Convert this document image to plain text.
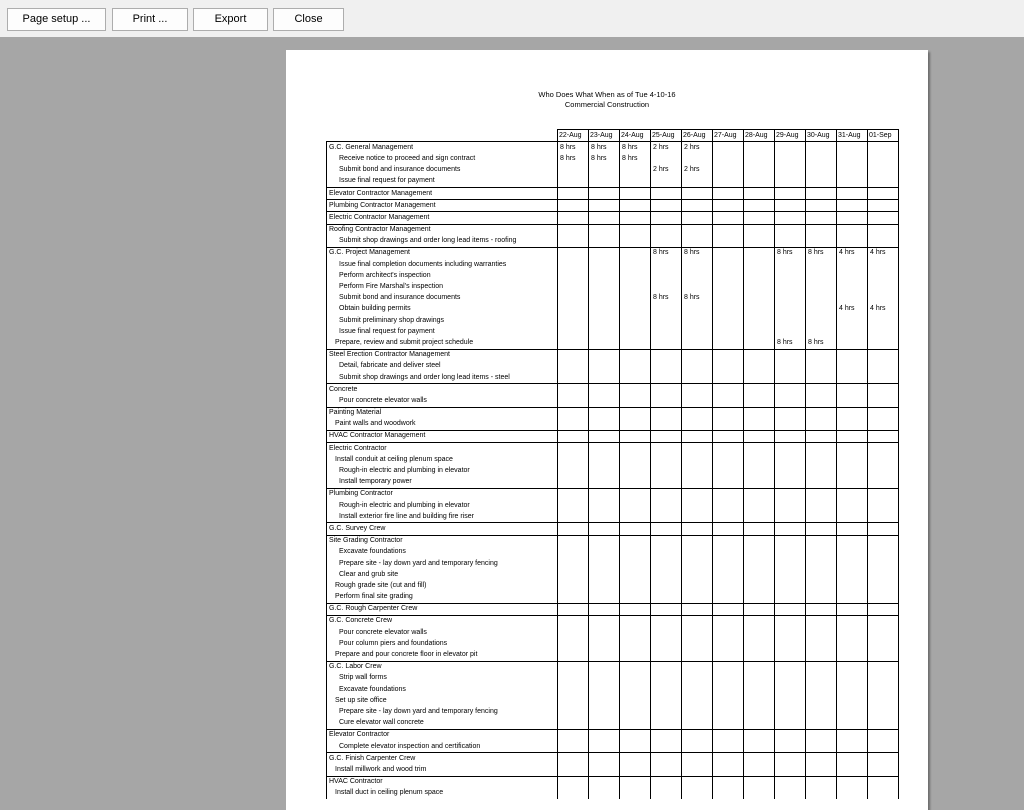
Page setup ...	Print ...	Export	Close
Who Does What When as of Tue 4-10-16
Commercial Construction
	22-Aug	23-Aug	24-Aug	25-Aug	26-Aug	27-Aug	28-Aug	29-Aug	30-Aug	31-Aug	01-Sep
G.C. General Management	8 hrs	8 hrs	8 hrs	2 hrs	2 hrs						
Receive notice to proceed and sign contract	8 hrs	8 hrs	8 hrs								
Submit bond and insurance documents				2 hrs	2 hrs						
Issue final request for payment											
Elevator Contractor Management											
Plumbing Contractor Management											
Electric Contractor Management											
Roofing Contractor Management											
Submit shop drawings and order long lead items - roofing											
G.C. Project Management				8 hrs	8 hrs			8 hrs	8 hrs	4 hrs	4 hrs
Issue final completion documents including warranties											
Perform architect's inspection											
Perform Fire Marshal's inspection											
Submit bond and insurance documents				8 hrs	8 hrs						
Obtain building permits										4 hrs	4 hrs
Submit preliminary shop drawings											
Issue final request for payment											
Prepare, review and submit project schedule								8 hrs	8 hrs		
Steel Erection Contractor Management											
Detail, fabricate and deliver steel											
Submit shop drawings and order long lead items - steel											
Concrete											
Pour concrete elevator walls											
Painting Material											
Paint walls and woodwork											
HVAC Contractor Management											
Electric Contractor											
Install conduit at ceiling plenum space											
Rough-in electric and plumbing in elevator											
Install temporary power											
Plumbing Contractor											
Rough-in electric and plumbing in elevator											
Install exterior fire line and building fire riser											
G.C. Survey Crew											
Site Grading Contractor											
Excavate foundations											
Prepare site - lay down yard and temporary fencing											
Clear and grub site											
Rough grade site (cut and fill)											
Perform final site grading											
G.C. Rough Carpenter Crew											
G.C. Concrete Crew											
Pour concrete elevator walls											
Pour column piers and foundations											
Prepare and pour concrete floor in elevator pit											
G.C. Labor Crew											
Strip wall forms											
Excavate foundations											
Set up site office											
Prepare site - lay down yard and temporary fencing											
Cure elevator wall concrete											
Elevator Contractor											
Complete elevator inspection and certification											
G.C. Finish Carpenter Crew											
Install millwork and wood trim											
HVAC Contractor											
Install duct in ceiling plenum space											
